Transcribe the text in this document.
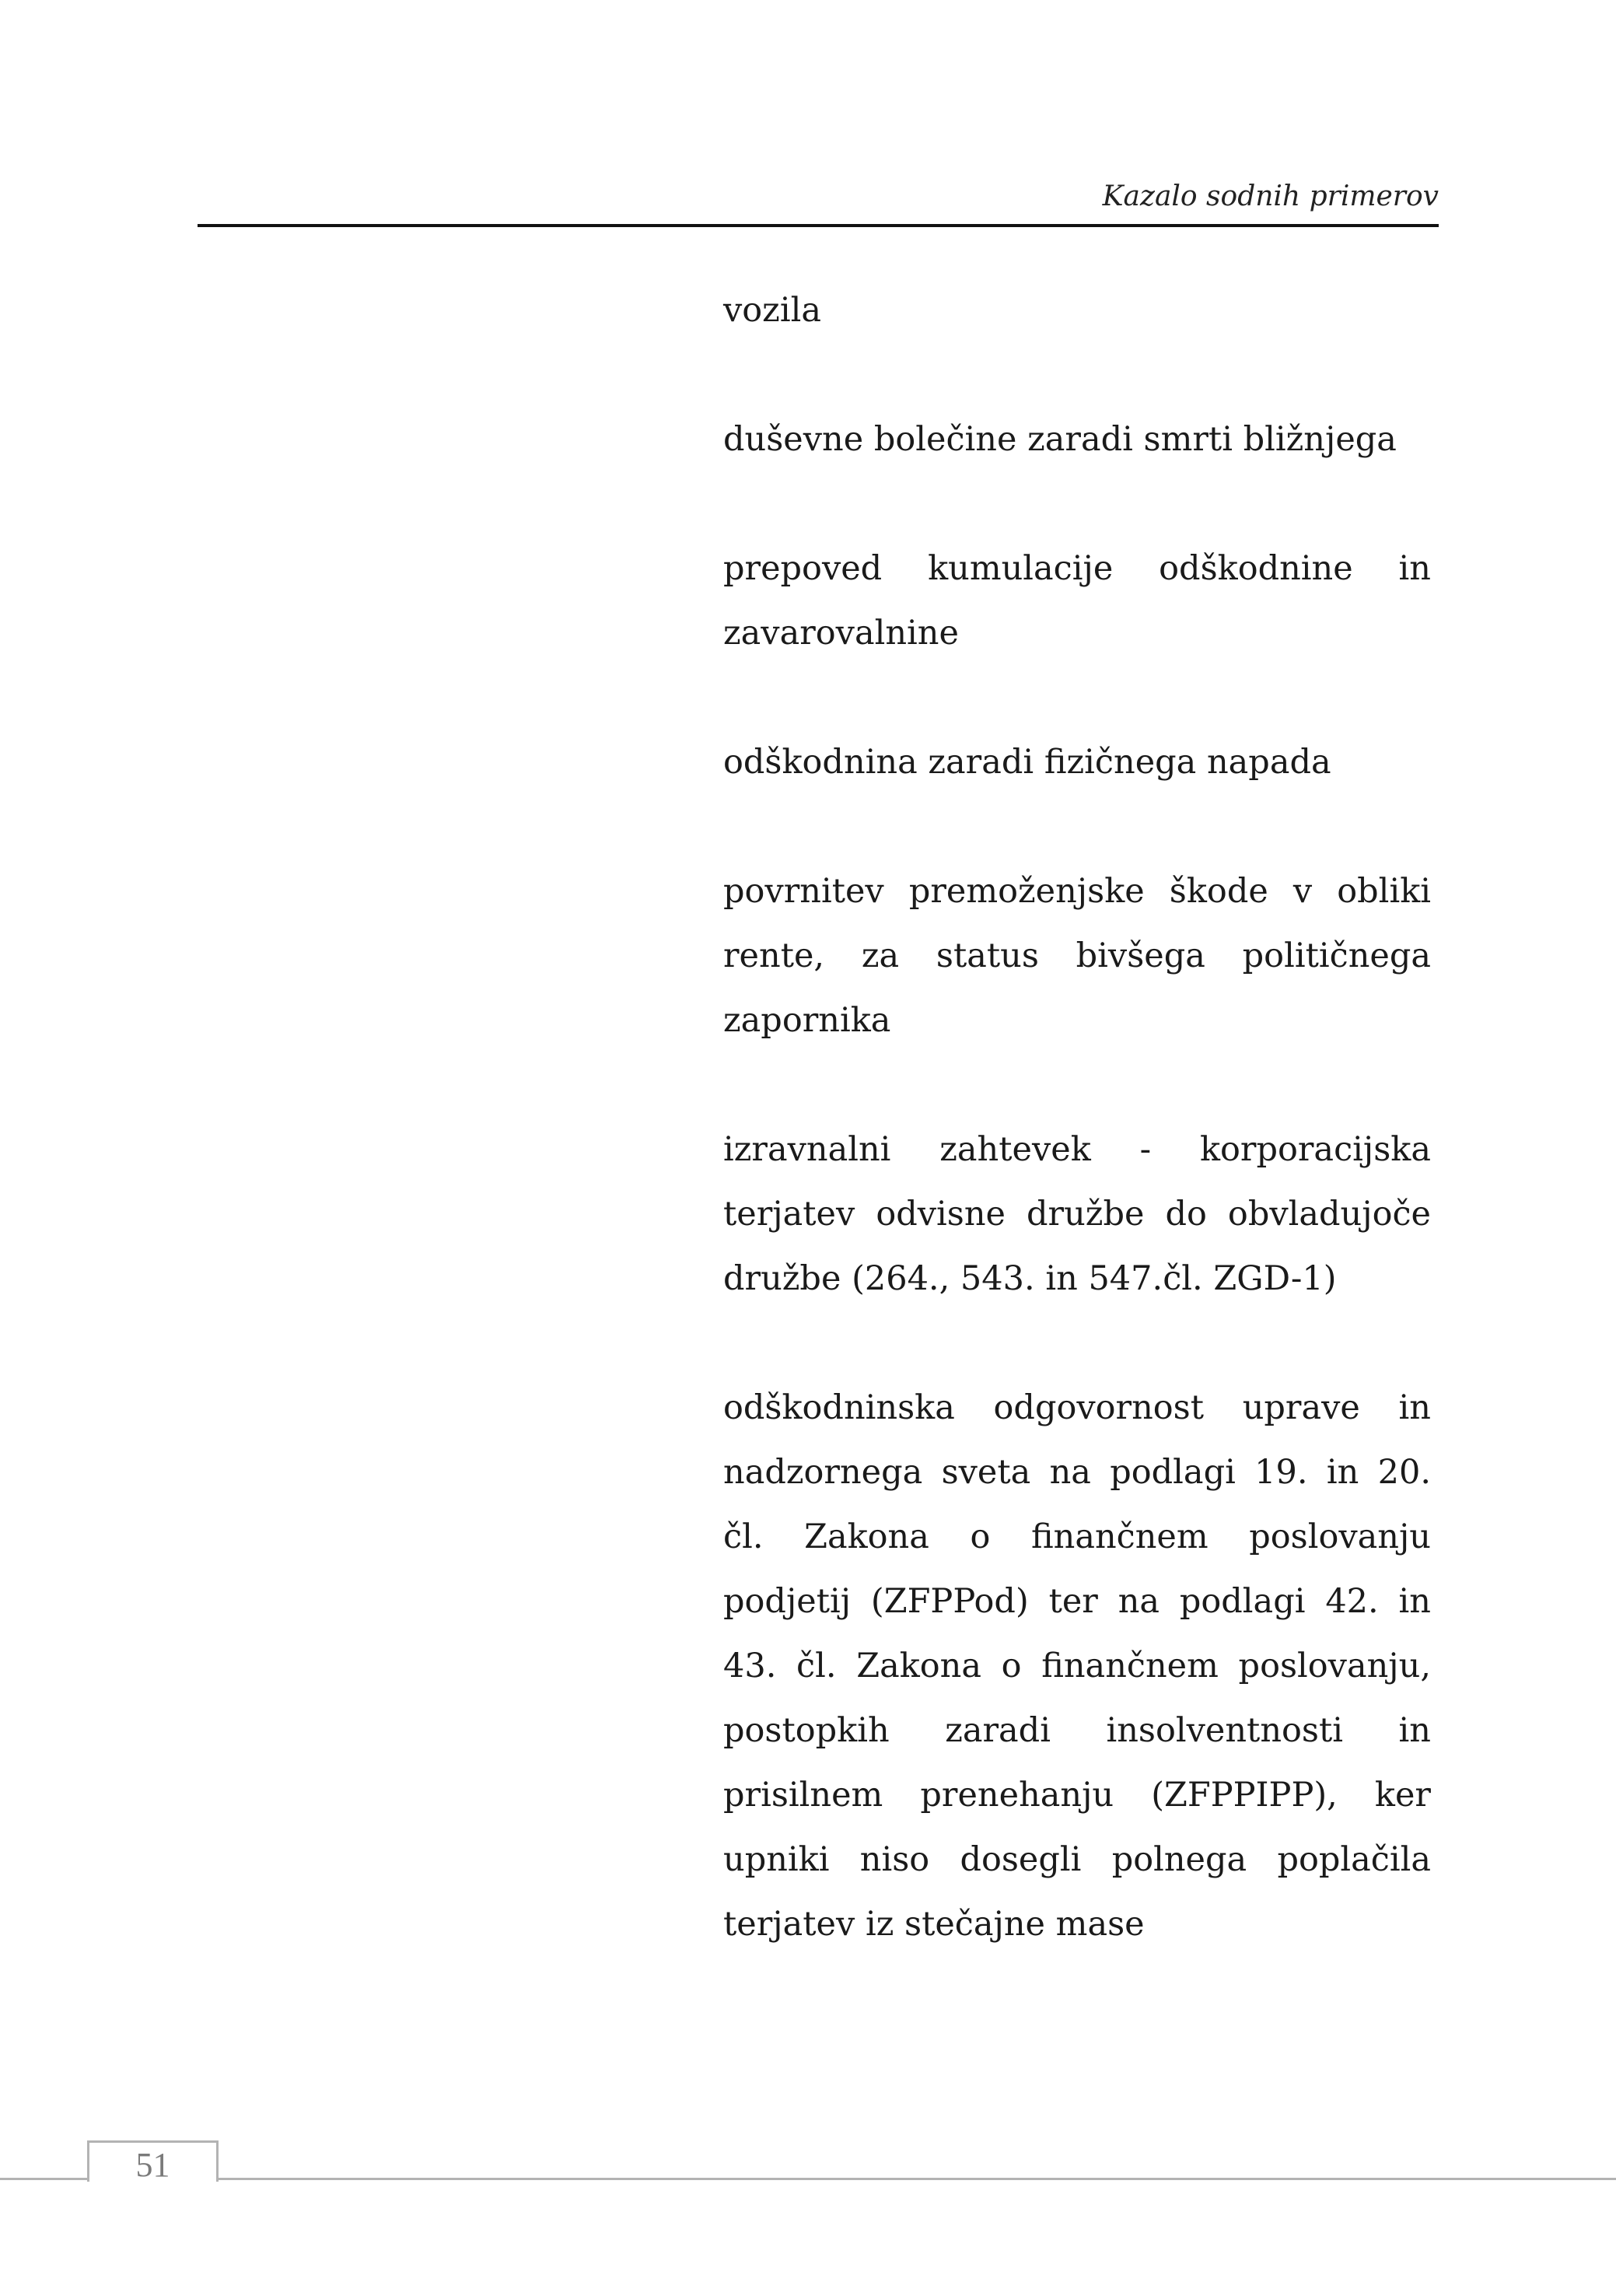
Kazalo sodnih primerov
vozila
duševne bolečine zaradi smrti bližnjega
prepoved kumulacije odškodnine in zavarovalnine
odškodnina zaradi fizičnega napada
povrnitev premoženjske škode v obliki rente, za status bivšega političnega zapornika
izravnalni zahtevek - korporacijska terjatev odvisne družbe do obvladujoče družbe (264., 543. in 547.čl. ZGD-1)
odškodninska odgovornost uprave in nadzornega sveta na podlagi 19. in 20. čl. Zakona o finančnem poslovanju podjetij (ZFPPod) ter na podlagi 42. in 43. čl. Zakona o finančnem poslovanju, postopkih zaradi insolventnosti in prisilnem prenehanju (ZFPPIPP), ker upniki niso dosegli polnega poplačila terjatev iz stečajne mase
51
